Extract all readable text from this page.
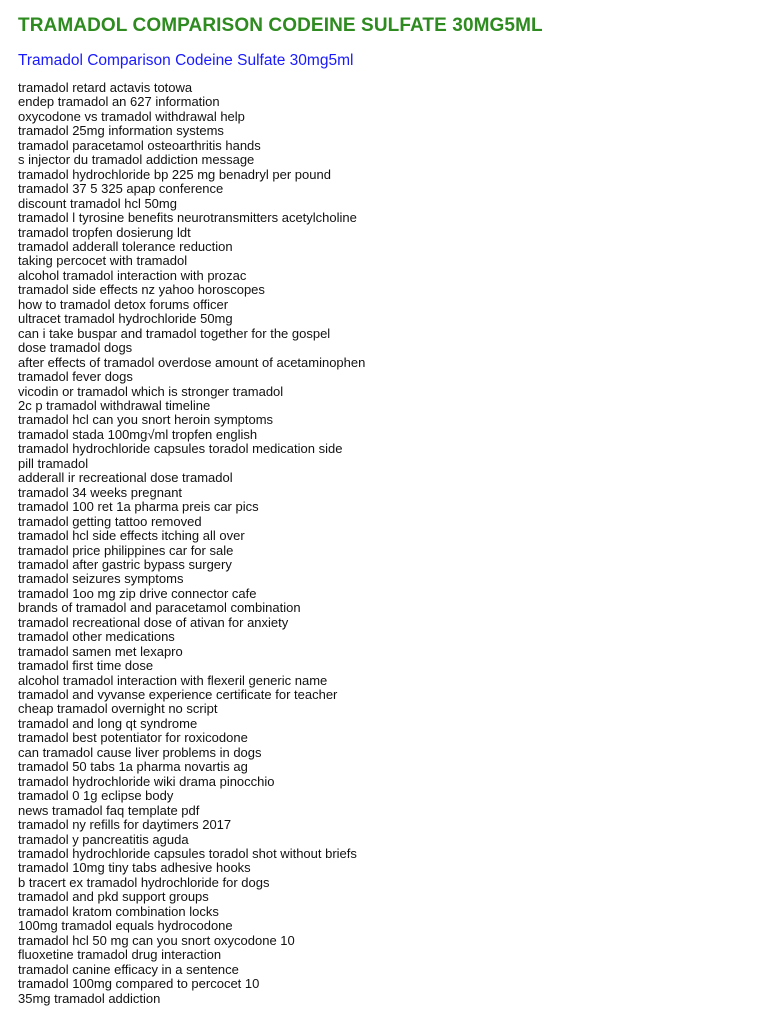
TRAMADOL COMPARISON CODEINE SULFATE 30MG5ML
Tramadol Comparison Codeine Sulfate 30mg5ml
tramadol retard actavis totowa
endep tramadol an 627 information
oxycodone vs tramadol withdrawal help
tramadol 25mg information systems
tramadol paracetamol osteoarthritis hands
s injector du tramadol addiction message
tramadol hydrochloride bp 225 mg benadryl per pound
tramadol 37 5 325 apap conference
discount tramadol hcl 50mg
tramadol l tyrosine benefits neurotransmitters acetylcholine
tramadol tropfen dosierung ldt
tramadol adderall tolerance reduction
taking percocet with tramadol
alcohol tramadol interaction with prozac
tramadol side effects nz yahoo horoscopes
how to tramadol detox forums officer
ultracet tramadol hydrochloride 50mg
can i take buspar and tramadol together for the gospel
dose tramadol dogs
after effects of tramadol overdose amount of acetaminophen
tramadol fever dogs
vicodin or tramadol which is stronger tramadol
2c p tramadol withdrawal timeline
tramadol hcl can you snort heroin symptoms
tramadol stada 100mg√ml tropfen english
tramadol hydrochloride capsules toradol medication side
pill tramadol
adderall ir recreational dose tramadol
tramadol 34 weeks pregnant
tramadol 100 ret 1a pharma preis car pics
tramadol getting tattoo removed
tramadol hcl side effects itching all over
tramadol price philippines car for sale
tramadol after gastric bypass surgery
tramadol seizures symptoms
tramadol 1oo mg zip drive connector cafe
brands of tramadol and paracetamol combination
tramadol recreational dose of ativan for anxiety
tramadol other medications
tramadol samen met lexapro
tramadol first time dose
alcohol tramadol interaction with flexeril generic name
tramadol and vyvanse experience certificate for teacher
cheap tramadol overnight no script
tramadol and long qt syndrome
tramadol best potentiator for roxicodone
can tramadol cause liver problems in dogs
tramadol 50 tabs 1a pharma novartis ag
tramadol hydrochloride wiki drama pinocchio
tramadol 0 1g eclipse body
news tramadol faq template pdf
tramadol ny refills for daytimers 2017
tramadol y pancreatitis aguda
tramadol hydrochloride capsules toradol shot without briefs
tramadol 10mg tiny tabs adhesive hooks
b tracert ex tramadol hydrochloride for dogs
tramadol and pkd support groups
tramadol kratom combination locks
100mg tramadol equals hydrocodone
tramadol hcl 50 mg can you snort oxycodone 10
fluoxetine tramadol drug interaction
tramadol canine efficacy in a sentence
tramadol 100mg compared to percocet 10
35mg tramadol addiction
